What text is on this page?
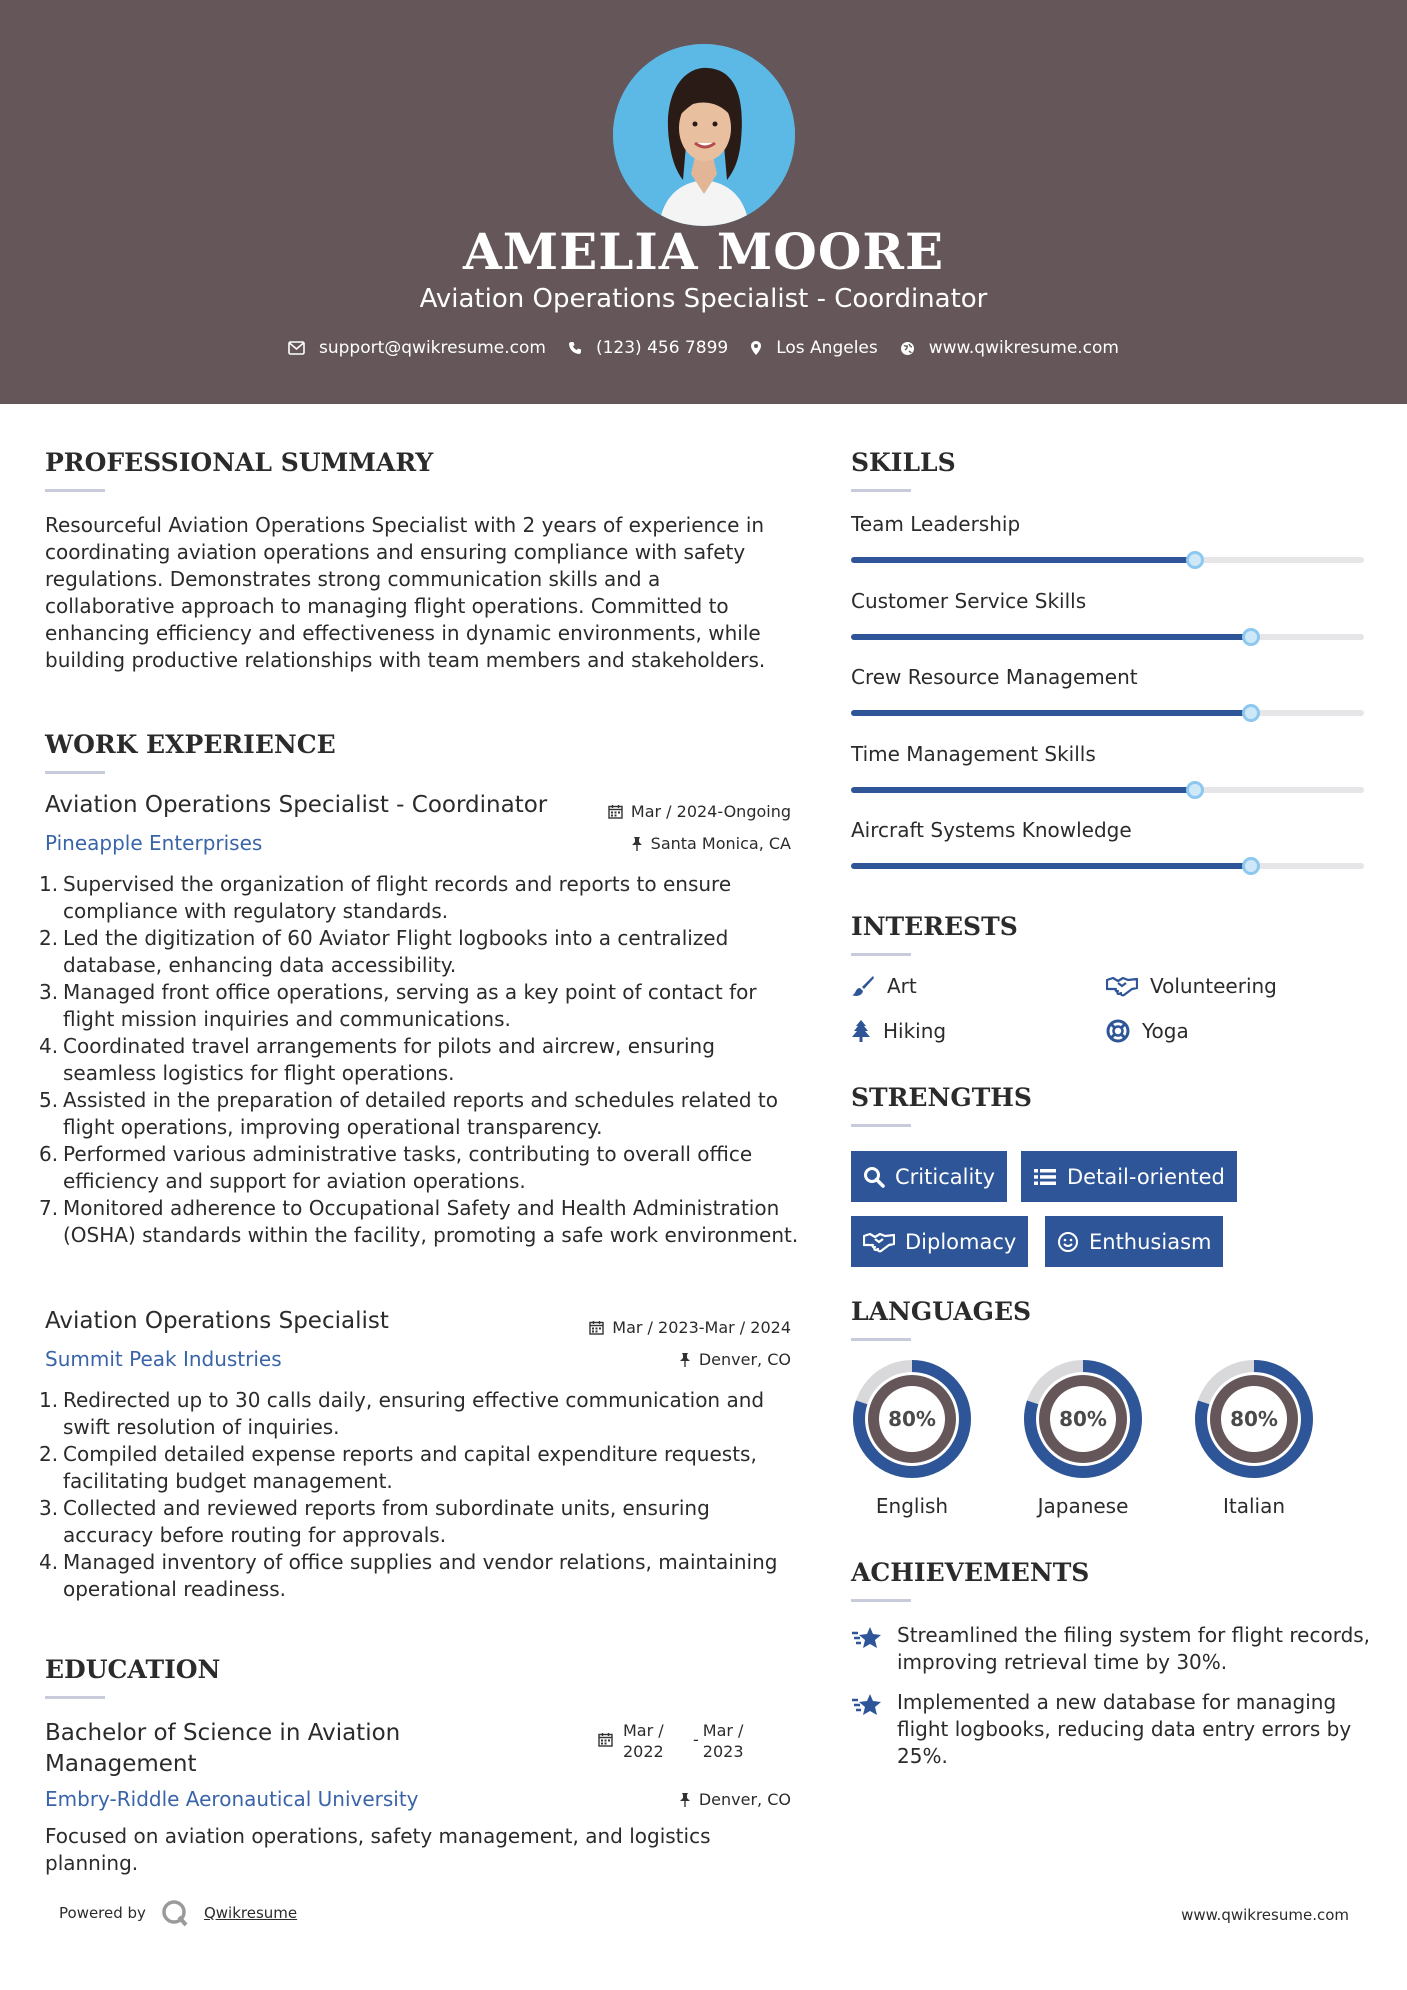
AMELIA MOORE
Aviation Operations Specialist - Coordinator
support@qwikresume.com	(123) 456 7899	Los Angeles	www.qwikresume.com
PROFESSIONAL SUMMARY
Resourceful Aviation Operations Specialist with 2 years of experience in coordinating aviation operations and ensuring compliance with safety regulations. Demonstrates strong communication skills and a collaborative approach to managing flight operations. Committed to enhancing efficiency and effectiveness in dynamic environments, while building productive relationships with team members and stakeholders.
WORK EXPERIENCE
Aviation Operations Specialist - Coordinator	Mar / 2024-Ongoing
Pineapple Enterprises	Santa Monica, CA
1. Supervised the organization of flight records and reports to ensure compliance with regulatory standards.
2. Led the digitization of 60 Aviator Flight logbooks into a centralized database, enhancing data accessibility.
3. Managed front office operations, serving as a key point of contact for flight mission inquiries and communications.
4. Coordinated travel arrangements for pilots and aircrew, ensuring seamless logistics for flight operations.
5. Assisted in the preparation of detailed reports and schedules related to flight operations, improving operational transparency.
6. Performed various administrative tasks, contributing to overall office efficiency and support for aviation operations.
7. Monitored adherence to Occupational Safety and Health Administration (OSHA) standards within the facility, promoting a safe work environment.
Aviation Operations Specialist	Mar / 2023-Mar / 2024
Summit Peak Industries	Denver, CO
1. Redirected up to 30 calls daily, ensuring effective communication and swift resolution of inquiries.
2. Compiled detailed expense reports and capital expenditure requests, facilitating budget management.
3. Collected and reviewed reports from subordinate units, ensuring accuracy before routing for approvals.
4. Managed inventory of office supplies and vendor relations, maintaining operational readiness.
EDUCATION
Bachelor of Science in Aviation Management
Mar / 2022
- Mar / 2023
Embry-Riddle Aeronautical University	Denver, CO
Focused on aviation operations, safety management, and logistics planning.
SKILLS
Team Leadership
Customer Service Skills
Crew Resource Management
Time Management Skills
Aircraft Systems Knowledge
INTERESTS
Art	Volunteering
Hiking	Yoga
STRENGTHS
Criticality	Detail-oriented
Diplomacy	Enthusiasm
LANGUAGES
80%
English
80%
Japanese
80%
Italian
ACHIEVEMENTS
Streamlined the filing system for flight records, improving retrieval time by 30%.
Implemented a new database for managing flight logbooks, reducing data entry errors by 25%.
Powered by	Qwikresume	www.qwikresume.com
